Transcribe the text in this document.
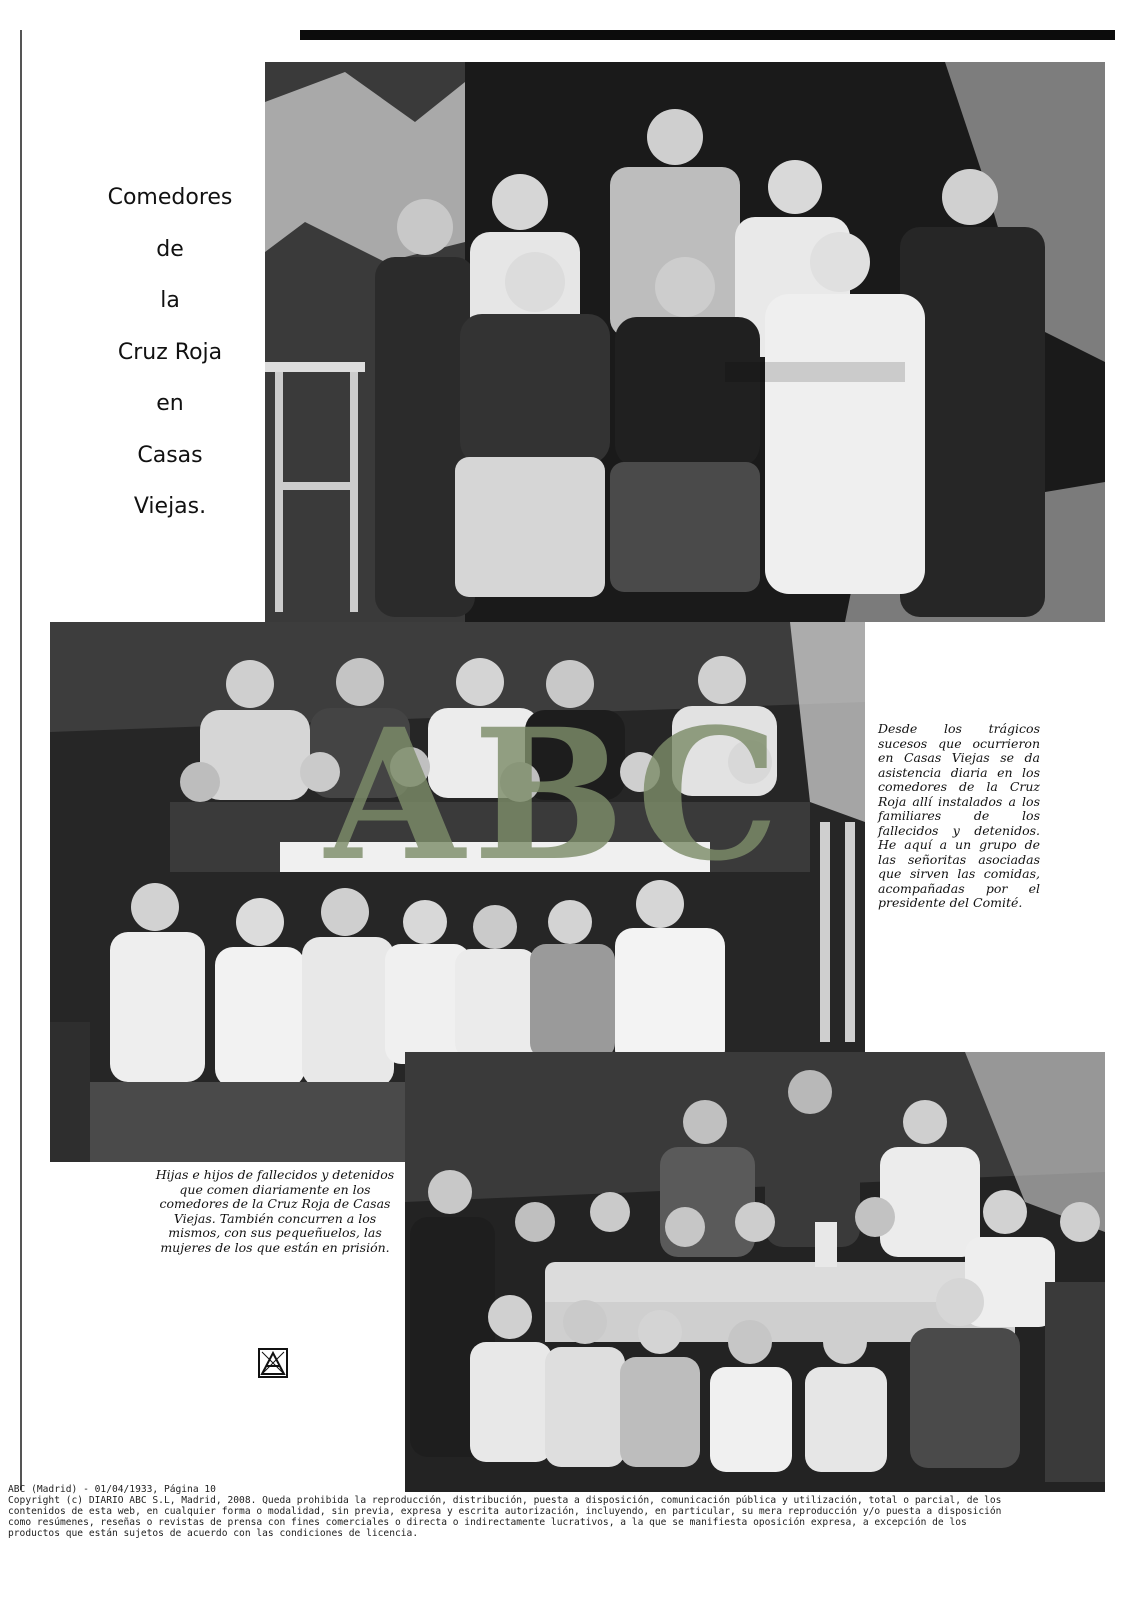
Comedores
de
la
Cruz Roja
en
Casas
Viejas.
Desde los trágicos sucesos que ocurrieron en Casas Viejas se da asistencia diaria en los comedores de la Cruz Roja allí instalados a los familiares de los fallecidos y detenidos. He aquí a un grupo de las señoritas asociadas que sirven las comidas, acompañadas por el presidente del Comité.
Hijas e hijos de fallecidos y detenidos que comen diariamente en los comedores de la Cruz Roja de Casas Viejas. También concurren a los mismos, con sus pequeñuelos, las mujeres de los que están en prisión.
ABC
ABC (Madrid) - 01/04/1933, Página 10
Copyright (c) DIARIO ABC S.L, Madrid, 2008. Queda prohibida la reproducción, distribución, puesta a disposición, comunicación pública y utilización, total o parcial, de los
contenidos de esta web, en cualquier forma o modalidad, sin previa, expresa y escrita autorización, incluyendo, en particular, su mera reproducción y/o puesta a disposición
como resúmenes, reseñas o revistas de prensa con fines comerciales o directa o indirectamente lucrativos, a la que se manifiesta oposición expresa, a excepción de los
productos que están sujetos de acuerdo con las condiciones de licencia.
